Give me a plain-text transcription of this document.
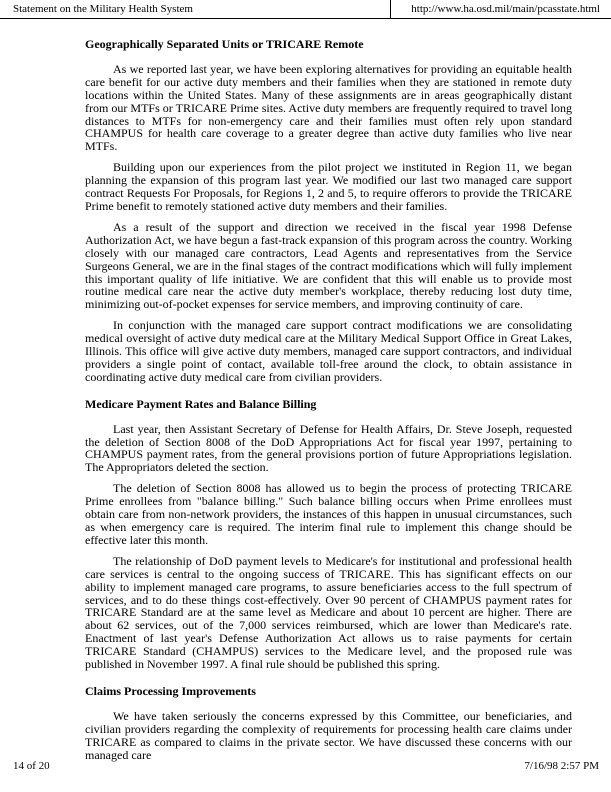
Statement on the Military Health System	http://www.ha.osd.mil/main/pcasstate.html
Geographically Separated Units or TRICARE Remote

As we reported last year, we have been exploring alternatives for providing an equitable health care benefit for our active duty members and their families when they are stationed in remote duty locations within the United States. Many of these assignments are in areas geographically distant from our MTFs or TRICARE Prime sites. Active duty members are frequently required to travel long distances to MTFs for non-emergency care and their families must often rely upon standard CHAMPUS for health care coverage to a greater degree than active duty families who live near MTFs.

Building upon our experiences from the pilot project we instituted in Region 11, we began planning the expansion of this program last year. We modified our last two managed care support contract Requests For Proposals, for Regions 1, 2 and 5, to require offerors to provide the TRICARE Prime benefit to remotely stationed active duty members and their families.

As a result of the support and direction we received in the fiscal year 1998 Defense Authorization Act, we have begun a fast-track expansion of this program across the country. Working closely with our managed care contractors, Lead Agents and representatives from the Service Surgeons General, we are in the final stages of the contract modifications which will fully implement this important quality of life initiative. We are confident that this will enable us to provide most routine medical care near the active duty member's workplace, thereby reducing lost duty time, minimizing out-of-pocket expenses for service members, and improving continuity of care.

In conjunction with the managed care support contract modifications we are consolidating medical oversight of active duty medical care at the Military Medical Support Office in Great Lakes, Illinois. This office will give active duty members, managed care support contractors, and individual providers a single point of contact, available toll-free around the clock, to obtain assistance in coordinating active duty medical care from civilian providers.

Medicare Payment Rates and Balance Billing

Last year, then Assistant Secretary of Defense for Health Affairs, Dr. Steve Joseph, requested the deletion of Section 8008 of the DoD Appropriations Act for fiscal year 1997, pertaining to CHAMPUS payment rates, from the general provisions portion of future Appropriations legislation. The Appropriators deleted the section.

The deletion of Section 8008 has allowed us to begin the process of protecting TRICARE Prime enrollees from "balance billing." Such balance billing occurs when Prime enrollees must obtain care from non-network providers, the instances of this happen in unusual circumstances, such as when emergency care is required. The interim final rule to implement this change should be effective later this month.

The relationship of DoD payment levels to Medicare's for institutional and professional health care services is central to the ongoing success of TRICARE. This has significant effects on our ability to implement managed care programs, to assure beneficiaries access to the full spectrum of services, and to do these things cost-effectively. Over 90 percent of CHAMPUS payment rates for TRICARE Standard are at the same level as Medicare and about 10 percent are higher. There are about 62 services, out of the 7,000 services reimbursed, which are lower than Medicare's rate. Enactment of last year's Defense Authorization Act allows us to raise payments for certain TRICARE Standard (CHAMPUS) services to the Medicare level, and the proposed rule was published in November 1997. A final rule should be published this spring.

Claims Processing Improvements

We have taken seriously the concerns expressed by this Committee, our beneficiaries, and civilian providers regarding the complexity of requirements for processing health care claims under TRICARE as compared to claims in the private sector. We have discussed these concerns with our managed care

14 of 20	7/16/98 2:57 PM
